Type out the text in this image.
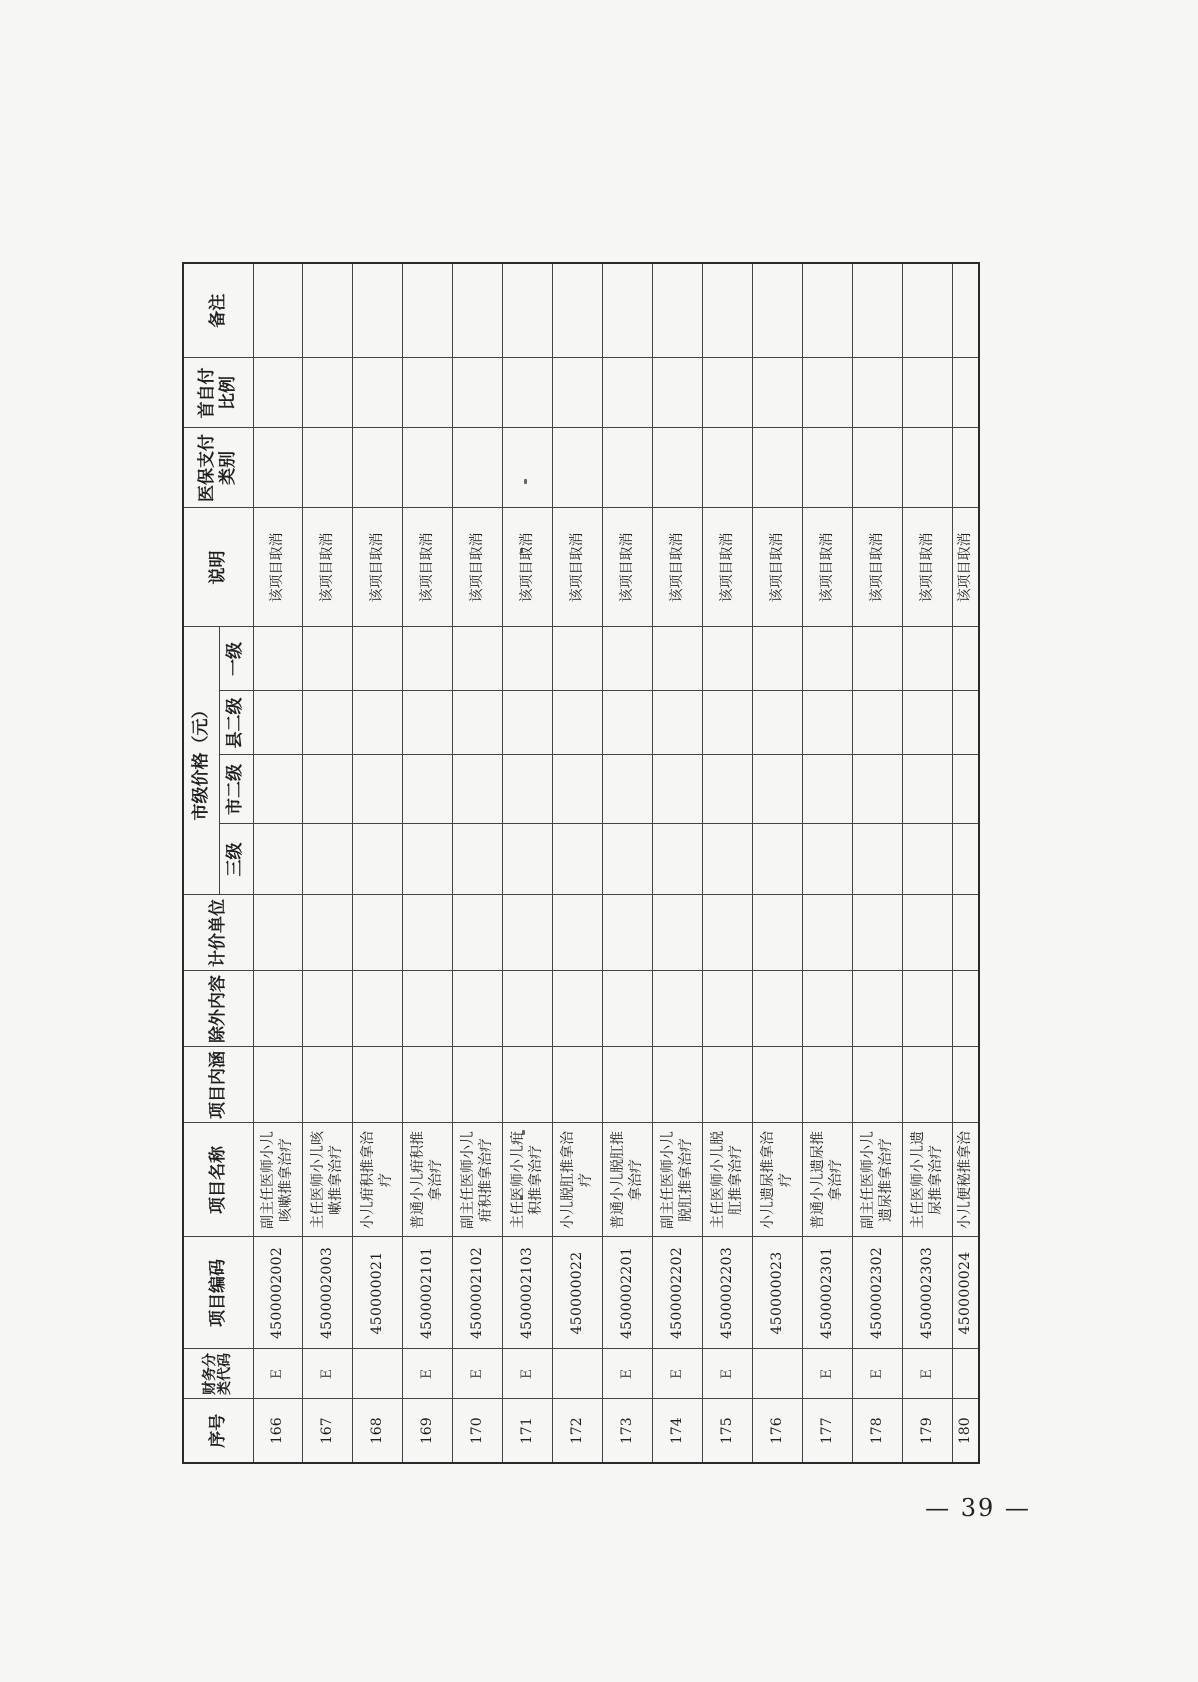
序号	财务分类代码	项目编码	项目名称	项目内涵	除外内容	计价单位	市级价格（元）				说明	医保支付类别	首自付比例	备注
							三级	市二级	县二级	一级				
166	E	4500002002	副主任医师小儿咳嗽推拿治疗								该项目取消			
167	E	4500002003	主任医师小儿咳嗽推拿治疗								该项目取消			
168		450000021	小儿疳积推拿治疗								该项目取消			
169	E	4500002101	普通小儿疳积推拿治疗								该项目取消			
170	E	4500002102	副主任医师小儿疳积推拿治疗								该项目取消			
171	E	4500002103	主任医师小儿疳积推拿治疗								该项目取消			
172		450000022	小儿脱肛推拿治疗								该项目取消			
173	E	4500002201	普通小儿脱肛推拿治疗								该项目取消			
174	E	4500002202	副主任医师小儿脱肛推拿治疗								该项目取消			
175	E	4500002203	主任医师小儿脱肛推拿治疗								该项目取消			
176		450000023	小儿遗尿推拿治疗								该项目取消			
177	E	4500002301	普通小儿遗尿推拿治疗								该项目取消			
178	E	4500002302	副主任医师小儿遗尿推拿治疗								该项目取消			
179	E	4500002303	主任医师小儿遗尿推拿治疗								该项目取消			
180		450000024	小儿便秘推拿治								该项目取消			
— 39 —
